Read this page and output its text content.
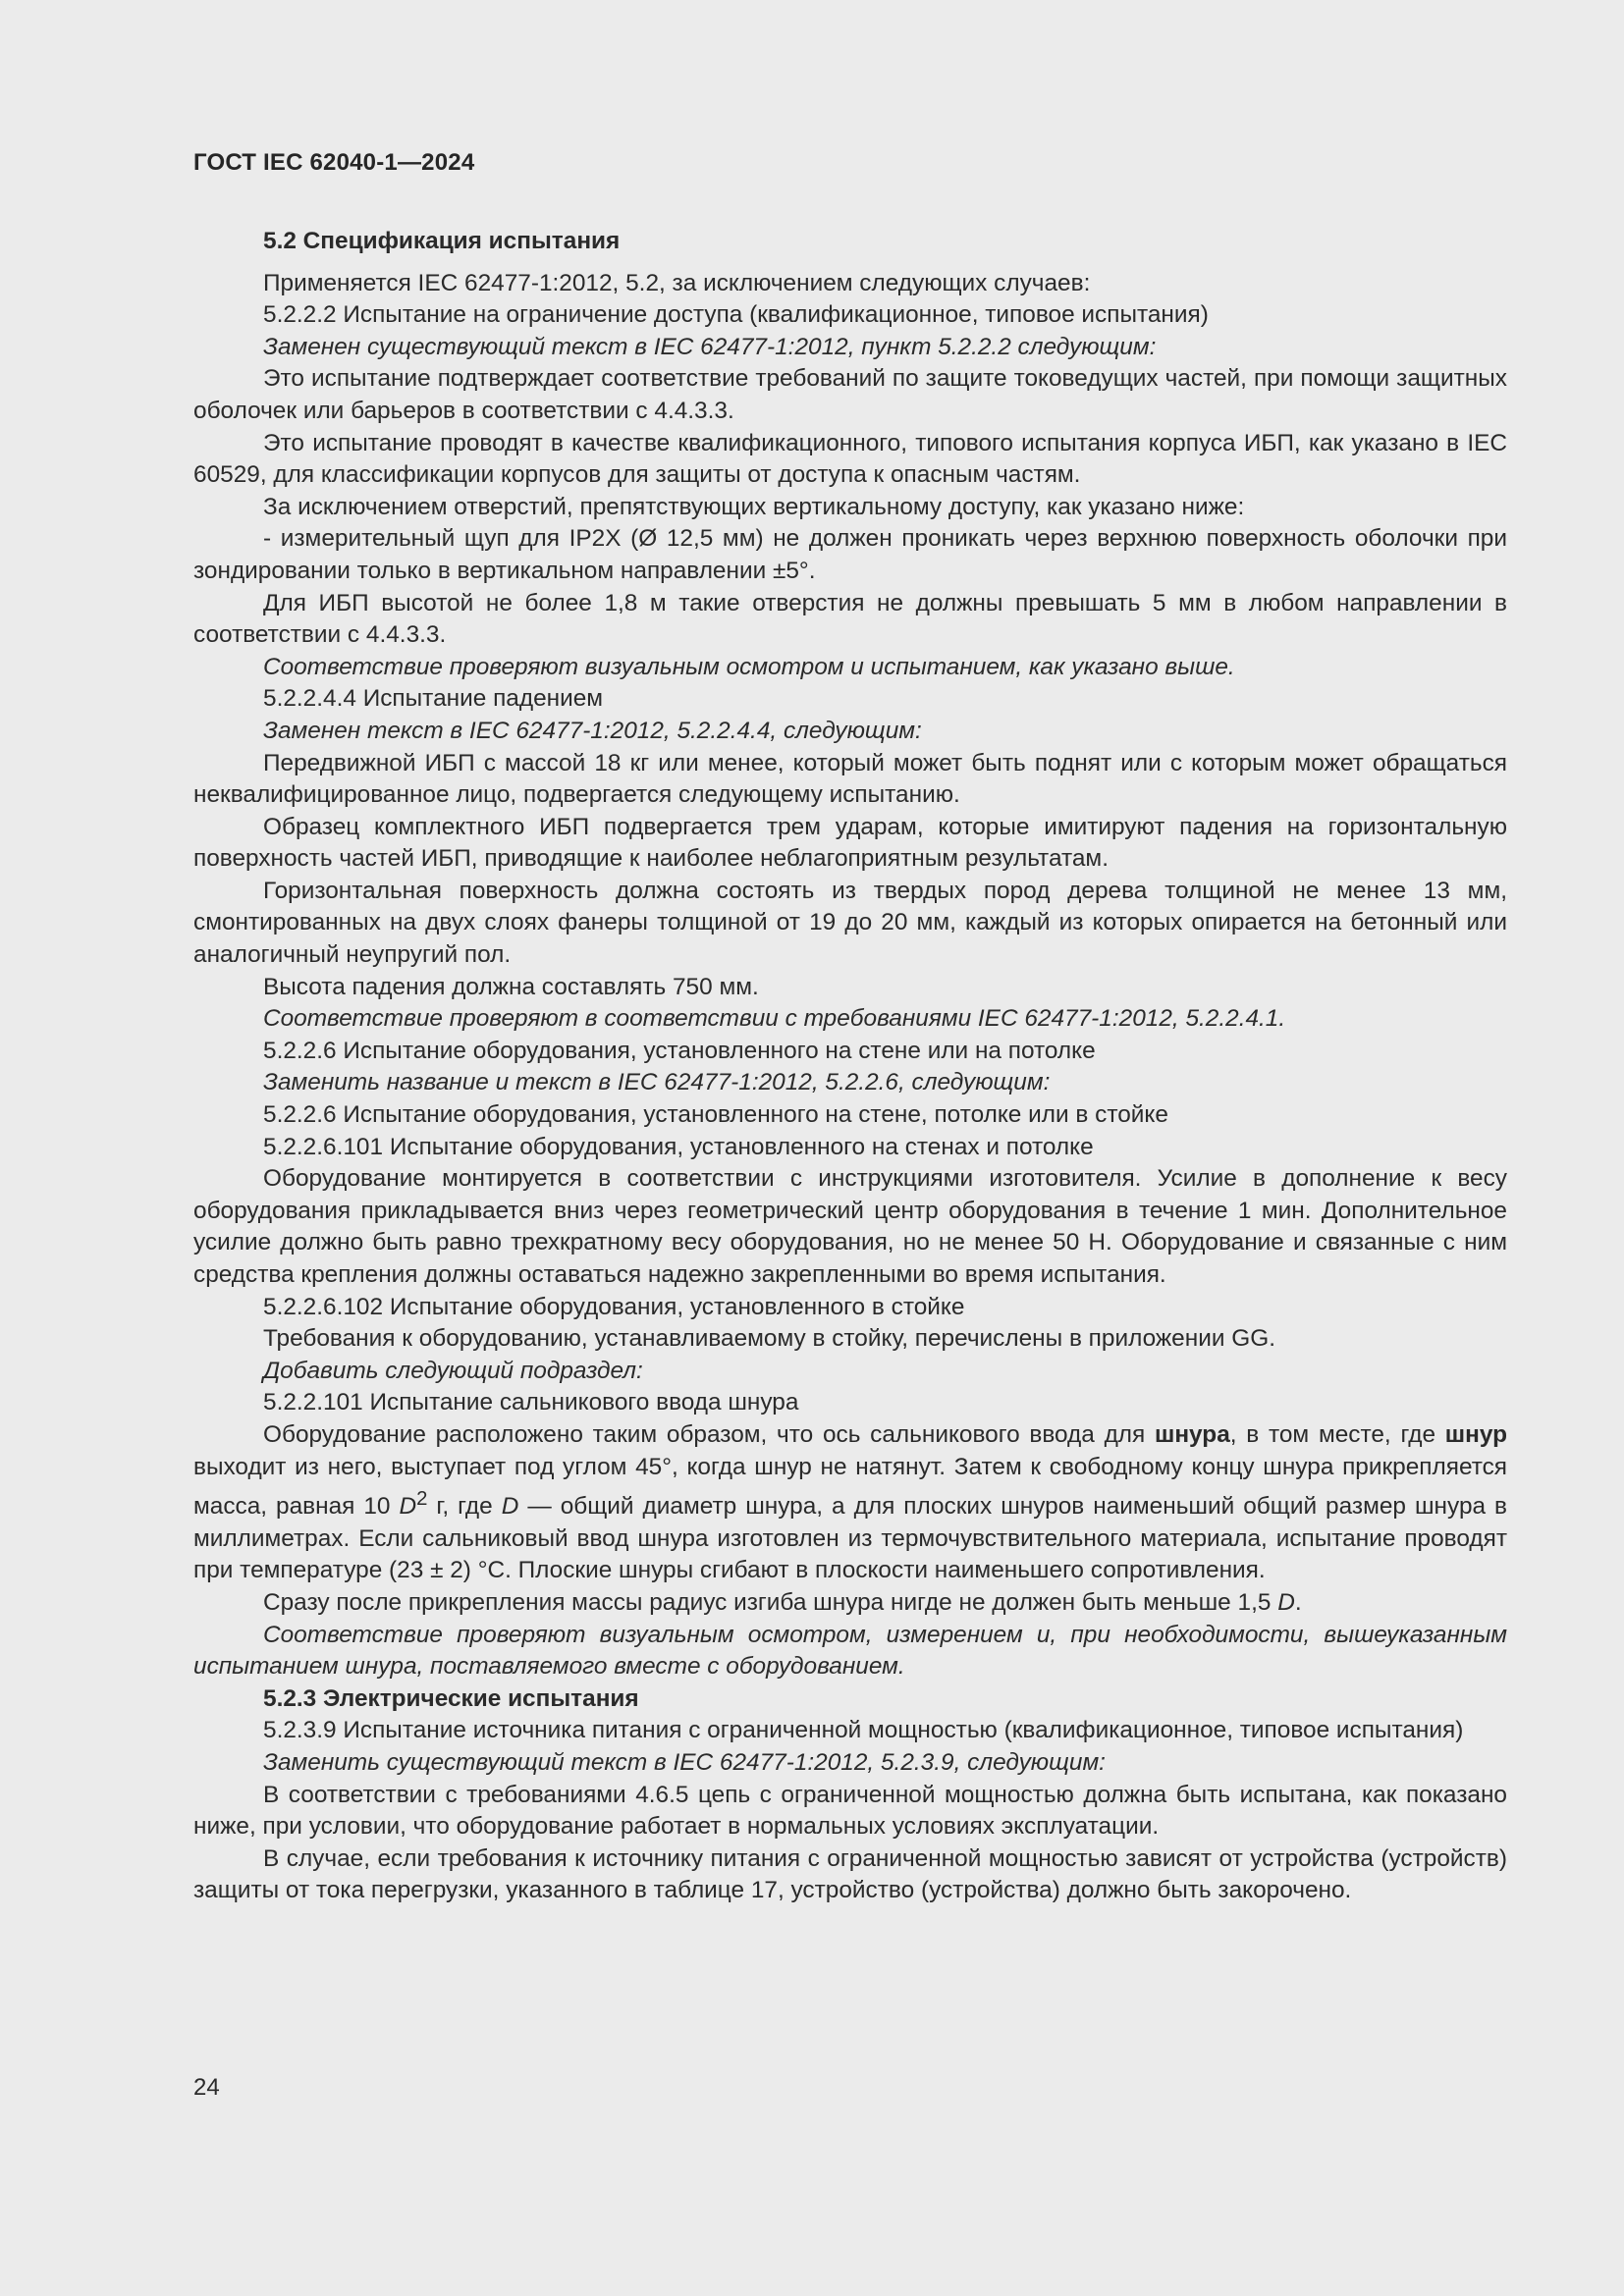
ГОСТ IEC 62040-1—2024

5.2 Спецификация испытания

Применяется IEC 62477-1:2012, 5.2, за исключением следующих случаев:

5.2.2.2 Испытание на ограничение доступа (квалификационное, типовое испытания)

Заменен существующий текст в IEC 62477-1:2012, пункт 5.2.2.2 следующим:

Это испытание подтверждает соответствие требований по защите токоведущих частей, при помощи защитных оболочек или барьеров в соответствии с 4.4.3.3.

Это испытание проводят в качестве квалификационного, типового испытания корпуса ИБП, как указано в IEC 60529, для классификации корпусов для защиты от доступа к опасным частям.

За исключением отверстий, препятствующих вертикальному доступу, как указано ниже:

- измерительный щуп для IP2X (Ø 12,5 мм) не должен проникать через верхнюю поверхность оболочки при зондировании только в вертикальном направлении ±5°.

Для ИБП высотой не более 1,8 м такие отверстия не должны превышать 5 мм в любом направлении в соответствии с 4.4.3.3.

Соответствие проверяют визуальным осмотром и испытанием, как указано выше.

5.2.2.4.4 Испытание падением

Заменен текст в IEC 62477-1:2012, 5.2.2.4.4, следующим:

Передвижной ИБП с массой 18 кг или менее, который может быть поднят или с которым может обращаться неквалифицированное лицо, подвергается следующему испытанию.

Образец комплектного ИБП подвергается трем ударам, которые имитируют падения на горизонтальную поверхность частей ИБП, приводящие к наиболее неблагоприятным результатам.

Горизонтальная поверхность должна состоять из твердых пород дерева толщиной не менее 13 мм, смонтированных на двух слоях фанеры толщиной от 19 до 20 мм, каждый из которых опирается на бетонный или аналогичный неупругий пол.

Высота падения должна составлять 750 мм.

Соответствие проверяют в соответствии с требованиями IEC 62477-1:2012, 5.2.2.4.1.

5.2.2.6 Испытание оборудования, установленного на стене или на потолке

Заменить название и текст в IEC 62477-1:2012, 5.2.2.6, следующим:

5.2.2.6 Испытание оборудования, установленного на стене, потолке или в стойке

5.2.2.6.101 Испытание оборудования, установленного на стенах и потолке

Оборудование монтируется в соответствии с инструкциями изготовителя. Усилие в дополнение к весу оборудования прикладывается вниз через геометрический центр оборудования в течение 1 мин. Дополнительное усилие должно быть равно трехкратному весу оборудования, но не менее 50 Н. Оборудование и связанные с ним средства крепления должны оставаться надежно закрепленными во время испытания.

5.2.2.6.102 Испытание оборудования, установленного в стойке

Требования к оборудованию, устанавливаемому в стойку, перечислены в приложении GG.

Добавить следующий подраздел:

5.2.2.101 Испытание сальникового ввода шнура

Оборудование расположено таким образом, что ось сальникового ввода для шнура, в том месте, где шнур выходит из него, выступает под углом 45°, когда шнур не натянут. Затем к свободному концу шнура прикрепляется масса, равная 10 $D^2$ г, где D — общий диаметр шнура, а для плоских шнуров наименьший общий размер шнура в миллиметрах. Если сальниковый ввод шнура изготовлен из термочувствительного материала, испытание проводят при температуре (23 ± 2) °C. Плоские шнуры сгибают в плоскости наименьшего сопротивления.

Сразу после прикрепления массы радиус изгиба шнура нигде не должен быть меньше 1,5 D.

Соответствие проверяют визуальным осмотром, измерением и, при необходимости, вышеуказанным испытанием шнура, поставляемого вместе с оборудованием.

5.2.3 Электрические испытания

5.2.3.9 Испытание источника питания с ограниченной мощностью (квалификационное, типовое испытания)

Заменить существующий текст в IEC 62477-1:2012, 5.2.3.9, следующим:

В соответствии с требованиями 4.6.5 цепь с ограниченной мощностью должна быть испытана, как показано ниже, при условии, что оборудование работает в нормальных условиях эксплуатации.

В случае, если требования к источнику питания с ограниченной мощностью зависят от устройства (устройств) защиты от тока перегрузки, указанного в таблице 17, устройство (устройства) должно быть закорочено.

24
